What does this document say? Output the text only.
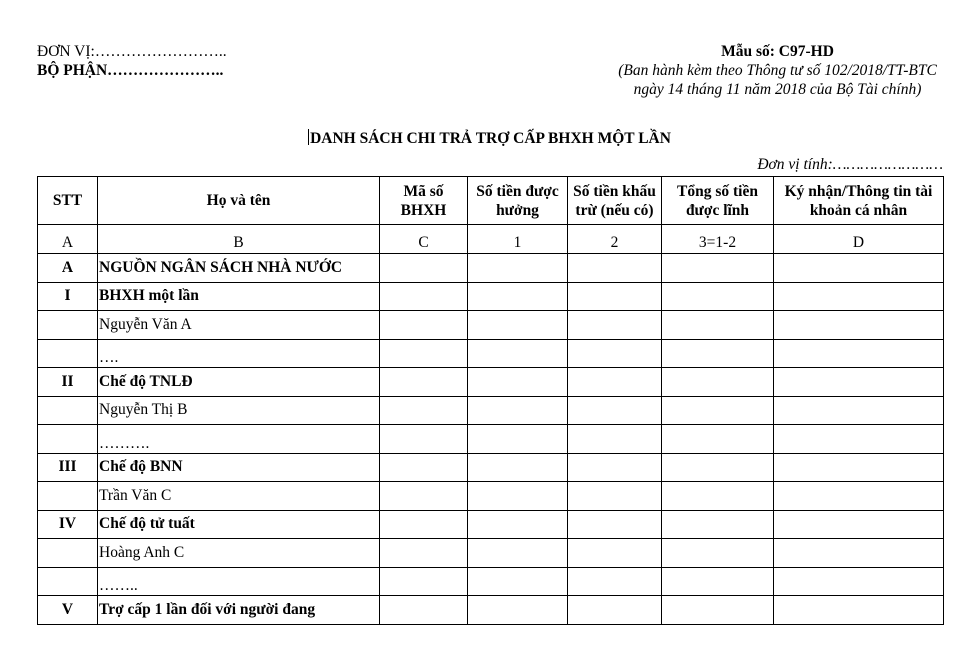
ĐƠN VỊ:……………………..
BỘ PHẬN…………………..
Mẫu số: C97-HD
(Ban hành kèm theo Thông tư số 102/2018/TT-BTC ngày 14 tháng 11 năm 2018 của Bộ Tài chính)
DANH SÁCH CHI TRẢ TRỢ CẤP BHXH MỘT LẦN
Đơn vị tính:……………………
STT	Họ và tên	Mã số BHXH	Số tiền được hưởng	Số tiền khấu trừ (nếu có)	Tổng số tiền được lĩnh	Ký nhận/Thông tin tài khoản cá nhân
A	B	C	1	2	3=1-2	D
A	NGUỒN NGÂN SÁCH NHÀ NƯỚC					
I	BHXH một lần					
	Nguyễn Văn A					
	….					
II	Chế độ TNLĐ					
	Nguyễn Thị B					
	……….					
III	Chế độ BNN					
	Trần Văn C					
IV	Chế độ tử tuất					
	Hoàng Anh C					
	……..					
V	Trợ cấp 1 lần đối với người đang					
